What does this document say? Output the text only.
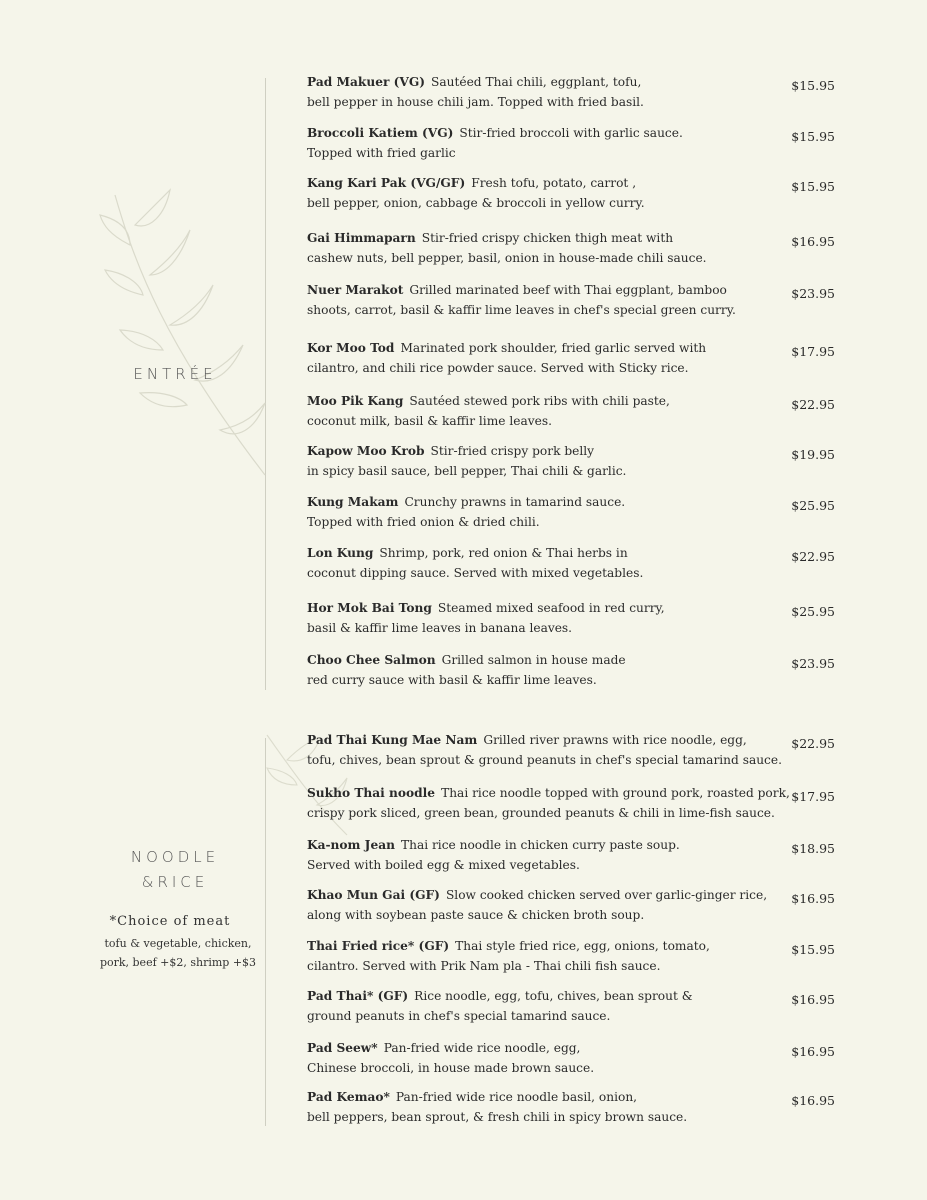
ENTRÉE
Pad Makuer (VG) Sautéed Thai chili, eggplant, tofu,
bell pepper in house chili jam. Topped with fried basil.
$15.95
Broccoli Katiem (VG) Stir-fried broccoli with garlic sauce.
Topped with fried garlic
$15.95
Kang Kari Pak (VG/GF) Fresh tofu, potato, carrot ,
bell pepper, onion, cabbage & broccoli in yellow curry.
$15.95
Gai Himmaparn Stir-fried crispy chicken thigh meat with
cashew nuts, bell pepper, basil, onion in house-made chili sauce.
$16.95
Nuer Marakot Grilled marinated beef with Thai eggplant, bamboo
shoots, carrot, basil & kaffir lime leaves in chef's special green curry.
$23.95
Kor Moo Tod Marinated pork shoulder, fried garlic served with
cilantro, and chili rice powder sauce. Served with Sticky rice.
$17.95
Moo Pik Kang Sautéed stewed pork ribs with chili paste,
coconut milk, basil & kaffir lime leaves.
$22.95
Kapow Moo Krob Stir-fried crispy pork belly
in spicy basil sauce, bell pepper, Thai chili & garlic.
$19.95
Kung Makam Crunchy prawns in tamarind sauce.
Topped with fried onion & dried chili.
$25.95
Lon Kung Shrimp, pork, red onion & Thai herbs in
coconut dipping sauce. Served with mixed vegetables.
$22.95
Hor Mok Bai Tong Steamed mixed seafood in red curry,
basil & kaffir lime leaves in banana leaves.
$25.95
Choo Chee Salmon Grilled salmon in house made
red curry sauce with basil & kaffir lime leaves.
$23.95
NOODLE
&RICE
*Choice of meat
tofu & vegetable, chicken,
pork, beef +$2, shrimp +$3
Pad Thai Kung Mae Nam Grilled river prawns with rice noodle, egg,
tofu, chives, bean sprout & ground peanuts in chef's special tamarind sauce.
$22.95
Sukho Thai noodle Thai rice noodle topped with ground pork, roasted pork,
crispy pork sliced, green bean, grounded peanuts & chili in lime-fish sauce.
$17.95
Ka-nom Jean Thai rice noodle in chicken curry paste soup.
Served with boiled egg & mixed vegetables.
$18.95
Khao Mun Gai (GF) Slow cooked chicken served over garlic-ginger rice,
along with soybean paste sauce & chicken broth soup.
$16.95
Thai Fried rice* (GF) Thai style fried rice, egg, onions, tomato,
cilantro. Served with Prik Nam pla - Thai chili fish sauce.
$15.95
Pad Thai* (GF) Rice noodle, egg, tofu, chives, bean sprout &
ground peanuts in chef's special tamarind sauce.
$16.95
Pad Seew* Pan-fried wide rice noodle, egg,
Chinese broccoli, in house made brown sauce.
$16.95
Pad Kemao* Pan-fried wide rice noodle basil, onion,
bell peppers, bean sprout, & fresh chili in spicy brown sauce.
$16.95
